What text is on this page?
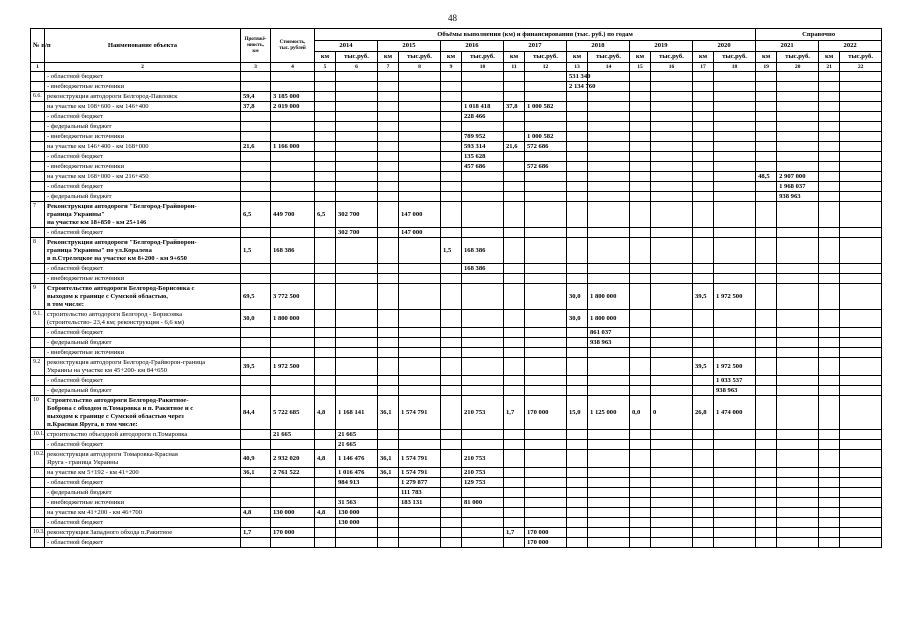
48
№ п/п	Наименование объекта	Протяжё-
нность,
км	Стоимость,
тыс. рублей	Объёмы выполнения (км) и финансирования (тыс. руб.) по годам														Справочно			
				2014		2015		2016		2017		2018		2019		2020		2021		2022	
				км	тыс.руб.	км	тыс.руб.	км	тыс.руб.	км	тыс.руб.	км	тыс.руб.	км	тыс.руб.	км	тыс.руб.	км	тыс.руб.	км	тыс.руб.
1	2	3	4	5	6	7	8	9	10	11	12	13	14	15	16	17	18	19	20	21	22
	- областной бюджет											531 340									
	- внебюджетные источники											2 134 760									
6.6.	реконструкция автодороги Белгород-Павловск	59,4	3 185 000																		
	на участке км 108+600 - км 146+400	37,8	2 019 000						1 018 418	37,8	1 000 582										
	- областной бюджет								228 466												
	- федеральный бюджет																				
	- внебюджетные источники								789 952		1 000 582										
	на участке км 146+400 - км 168+000	21,6	1 166 000						593 314	21,6	572 686										
	- областной бюджет								135 628												
	- внебюджетные источники								457 686		572 686										
	на участке км 168+000 - км 216+450																	48,5	2 907 000		
	- областной бюджет																		1 968 037		
	- федеральный бюджет																		938 963		
7	Реконструкция автодороги "Белгород-Грайворон-
граница Украины"
на участке км 18+850 - км 25+146	6,5	449 700	6,5	302 700		147 000														
	- областной бюджет				302 700		147 000														
8	Реконструкция автодороги "Белгород-Грайворон-
граница Украины" по ул.Коралева
в п.Стрелецкое на участке км 8+200 - км 9+650	1,5	168 386					1,5	168 386												
	- областной бюджет								168 386												
	- внебюджетные источники																				
9	Строительство автодороги Белгород-Борисовка с
выходом к границе с Сумской областью,
в том числе:	69,5	3 772 500									30,0	1 800 000			39,5	1 972 500				
9.1.	строительство автодороги Белгород - Борисовка
(строительство- 23,4 км; реконструкция - 6,6 км)	30,0	1 800 000									30,0	1 800 000								
	- областной бюджет												861 037								
	- федеральный бюджет												938 963								
	- внебюджетные источники																				
9.2	реконструкция автодороги Белгород-Грайворон-граница
Украины на участке км 45+200- км 84+650	39,5	1 972 500													39,5	1 972 500				
	- областной бюджет																1 033 537				
	- федеральный бюджет																938 963				
10	Строительство автодороги Белгород-Ракитное-
Боброва с обходом п.Томаровка и п. Ракитное и с
выходом к границе с Сумской областью через
п.Красная Яруга, в том числе:	84,4	5 722 685	4,8	1 168 141	36,1	1 574 791		210 753	1,7	170 000	15,0	1 125 000	0,0	0	26,8	1 474 000				
10.1.	строительство объездной автодороги п.Томаровка		21 665		21 665																
	- областной бюджет				21 665																
10.2.	реконструкция автодороги Томаровка-Красная
Яруга - граница Украины	40,9	2 932 020	4,8	1 146 476	36,1	1 574 791		210 753												
	на участке км 5+192 - км 41+200	36,1	2 761 522		1 016 476	36,1	1 574 791		210 753												
	- областной бюджет				984 913		1 279 877		129 753												
	- федеральный бюджет						111 783														
	- внебюджетные источники				31 563		183 131		81 000												
	на участке км 41+200 - км 46+700	4,8	130 000	4,8	130 000																
	- областной бюджет				130 000																
10.3.	реконструкция Западного обхода п.Ракитное	1,7	170 000							1,7	170 000										
	- областной бюджет										170 000										
